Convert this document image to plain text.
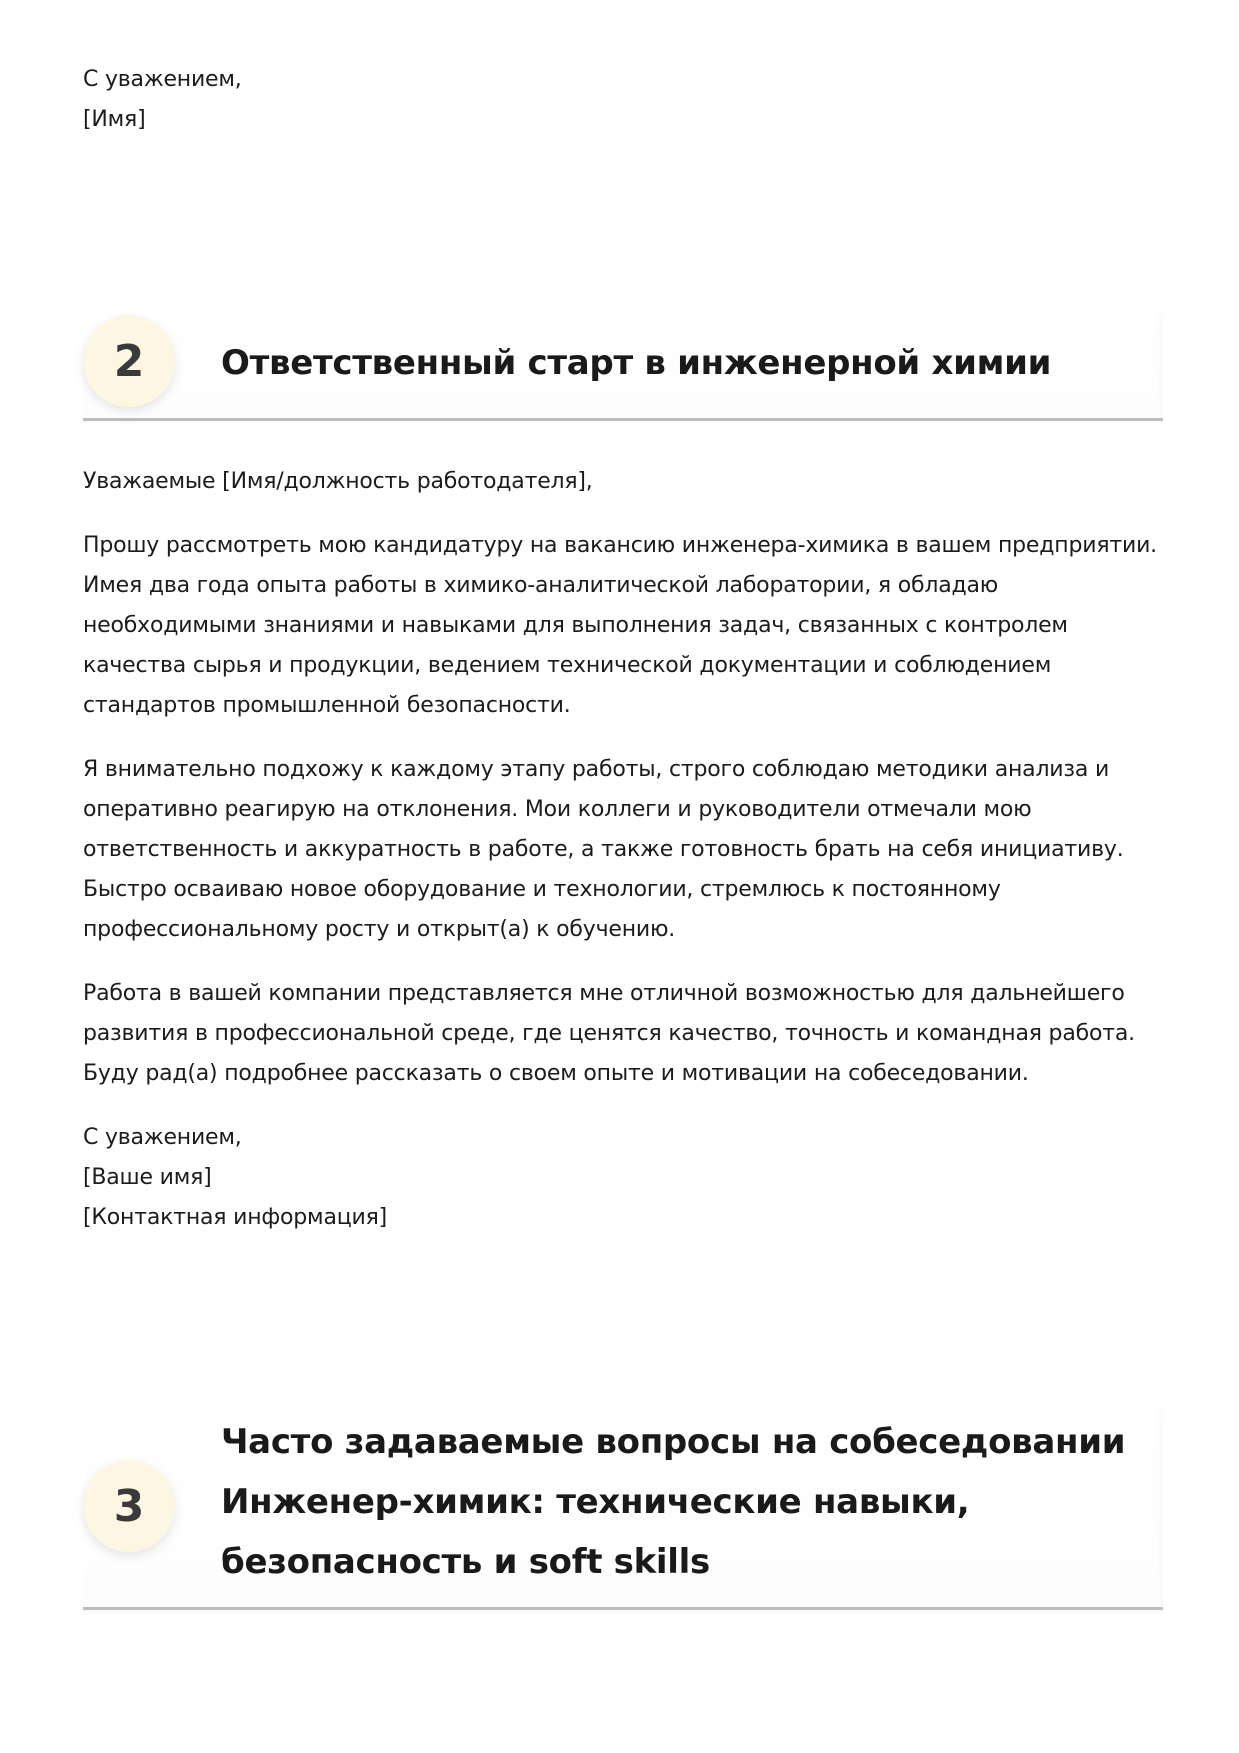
С уважением,

[Имя]

2	Ответственный старт в инженерной химии

Уважаемые [Имя/должность работодателя],

Прошу рассмотреть мою кандидатуру на вакансию инженера-химика в вашем предприятии. Имея два года опыта работы в химико-аналитической лаборатории, я обладаю необходимыми знаниями и навыками для выполнения задач, связанных с контролем качества сырья и продукции, ведением технической документации и соблюдением стандартов промышленной безопасности.

Я внимательно подхожу к каждому этапу работы, строго соблюдаю методики анализа и оперативно реагирую на отклонения. Мои коллеги и руководители отмечали мою ответственность и аккуратность в работе, а также готовность брать на себя инициативу. Быстро осваиваю новое оборудование и технологии, стремлюсь к постоянному профессиональному росту и открыт(а) к обучению.

Работа в вашей компании представляется мне отличной возможностью для дальнейшего развития в профессиональной среде, где ценятся качество, точность и командная работа. Буду рад(а) подробнее рассказать о своем опыте и мотивации на собеседовании.

С уважением,

[Ваше имя]

[Контактная информация]

3
Часто задаваемые вопросы на собеседовании
Инженер-химик: технические навыки,
безопасность и soft skills
